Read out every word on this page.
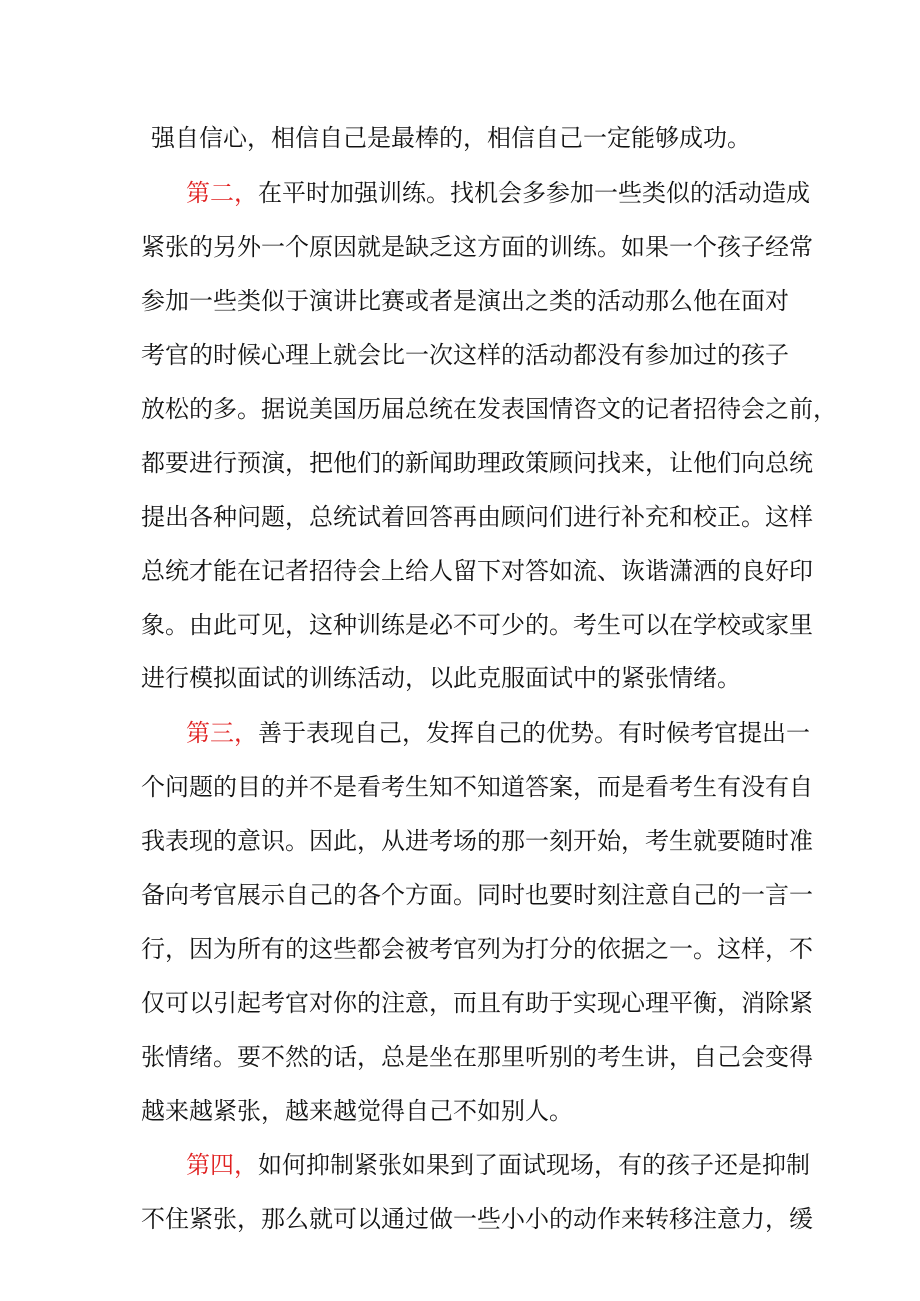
强自信心，相信自己是最棒的，相信自己一定能够成功。
第二，在平时加强训练。找机会多参加一些类似的活动造成
紧张的另外一个原因就是缺乏这方面的训练。如果一个孩子经常
参加一些类似于演讲比赛或者是演出之类的活动那么他在面对
考官的时候心理上就会比一次这样的活动都没有参加过的孩子
放松的多。据说美国历届总统在发表国情咨文的记者招待会之前，
都要进行预演，把他们的新闻助理政策顾问找来，让他们向总统
提出各种问题，总统试着回答再由顾问们进行补充和校正。这样
总统才能在记者招待会上给人留下对答如流、诙谐潇洒的良好印
象。由此可见，这种训练是必不可少的。考生可以在学校或家里
进行模拟面试的训练活动，以此克服面试中的紧张情绪。
第三，善于表现自己，发挥自己的优势。有时候考官提出一
个问题的目的并不是看考生知不知道答案，而是看考生有没有自
我表现的意识。因此，从进考场的那一刻开始，考生就要随时准
备向考官展示自己的各个方面。同时也要时刻注意自己的一言一
行，因为所有的这些都会被考官列为打分的依据之一。这样，不
仅可以引起考官对你的注意，而且有助于实现心理平衡，消除紧
张情绪。要不然的话，总是坐在那里听别的考生讲，自己会变得
越来越紧张，越来越觉得自己不如别人。
第四，如何抑制紧张如果到了面试现场，有的孩子还是抑制
不住紧张，那么就可以通过做一些小小的动作来转移注意力，缓
